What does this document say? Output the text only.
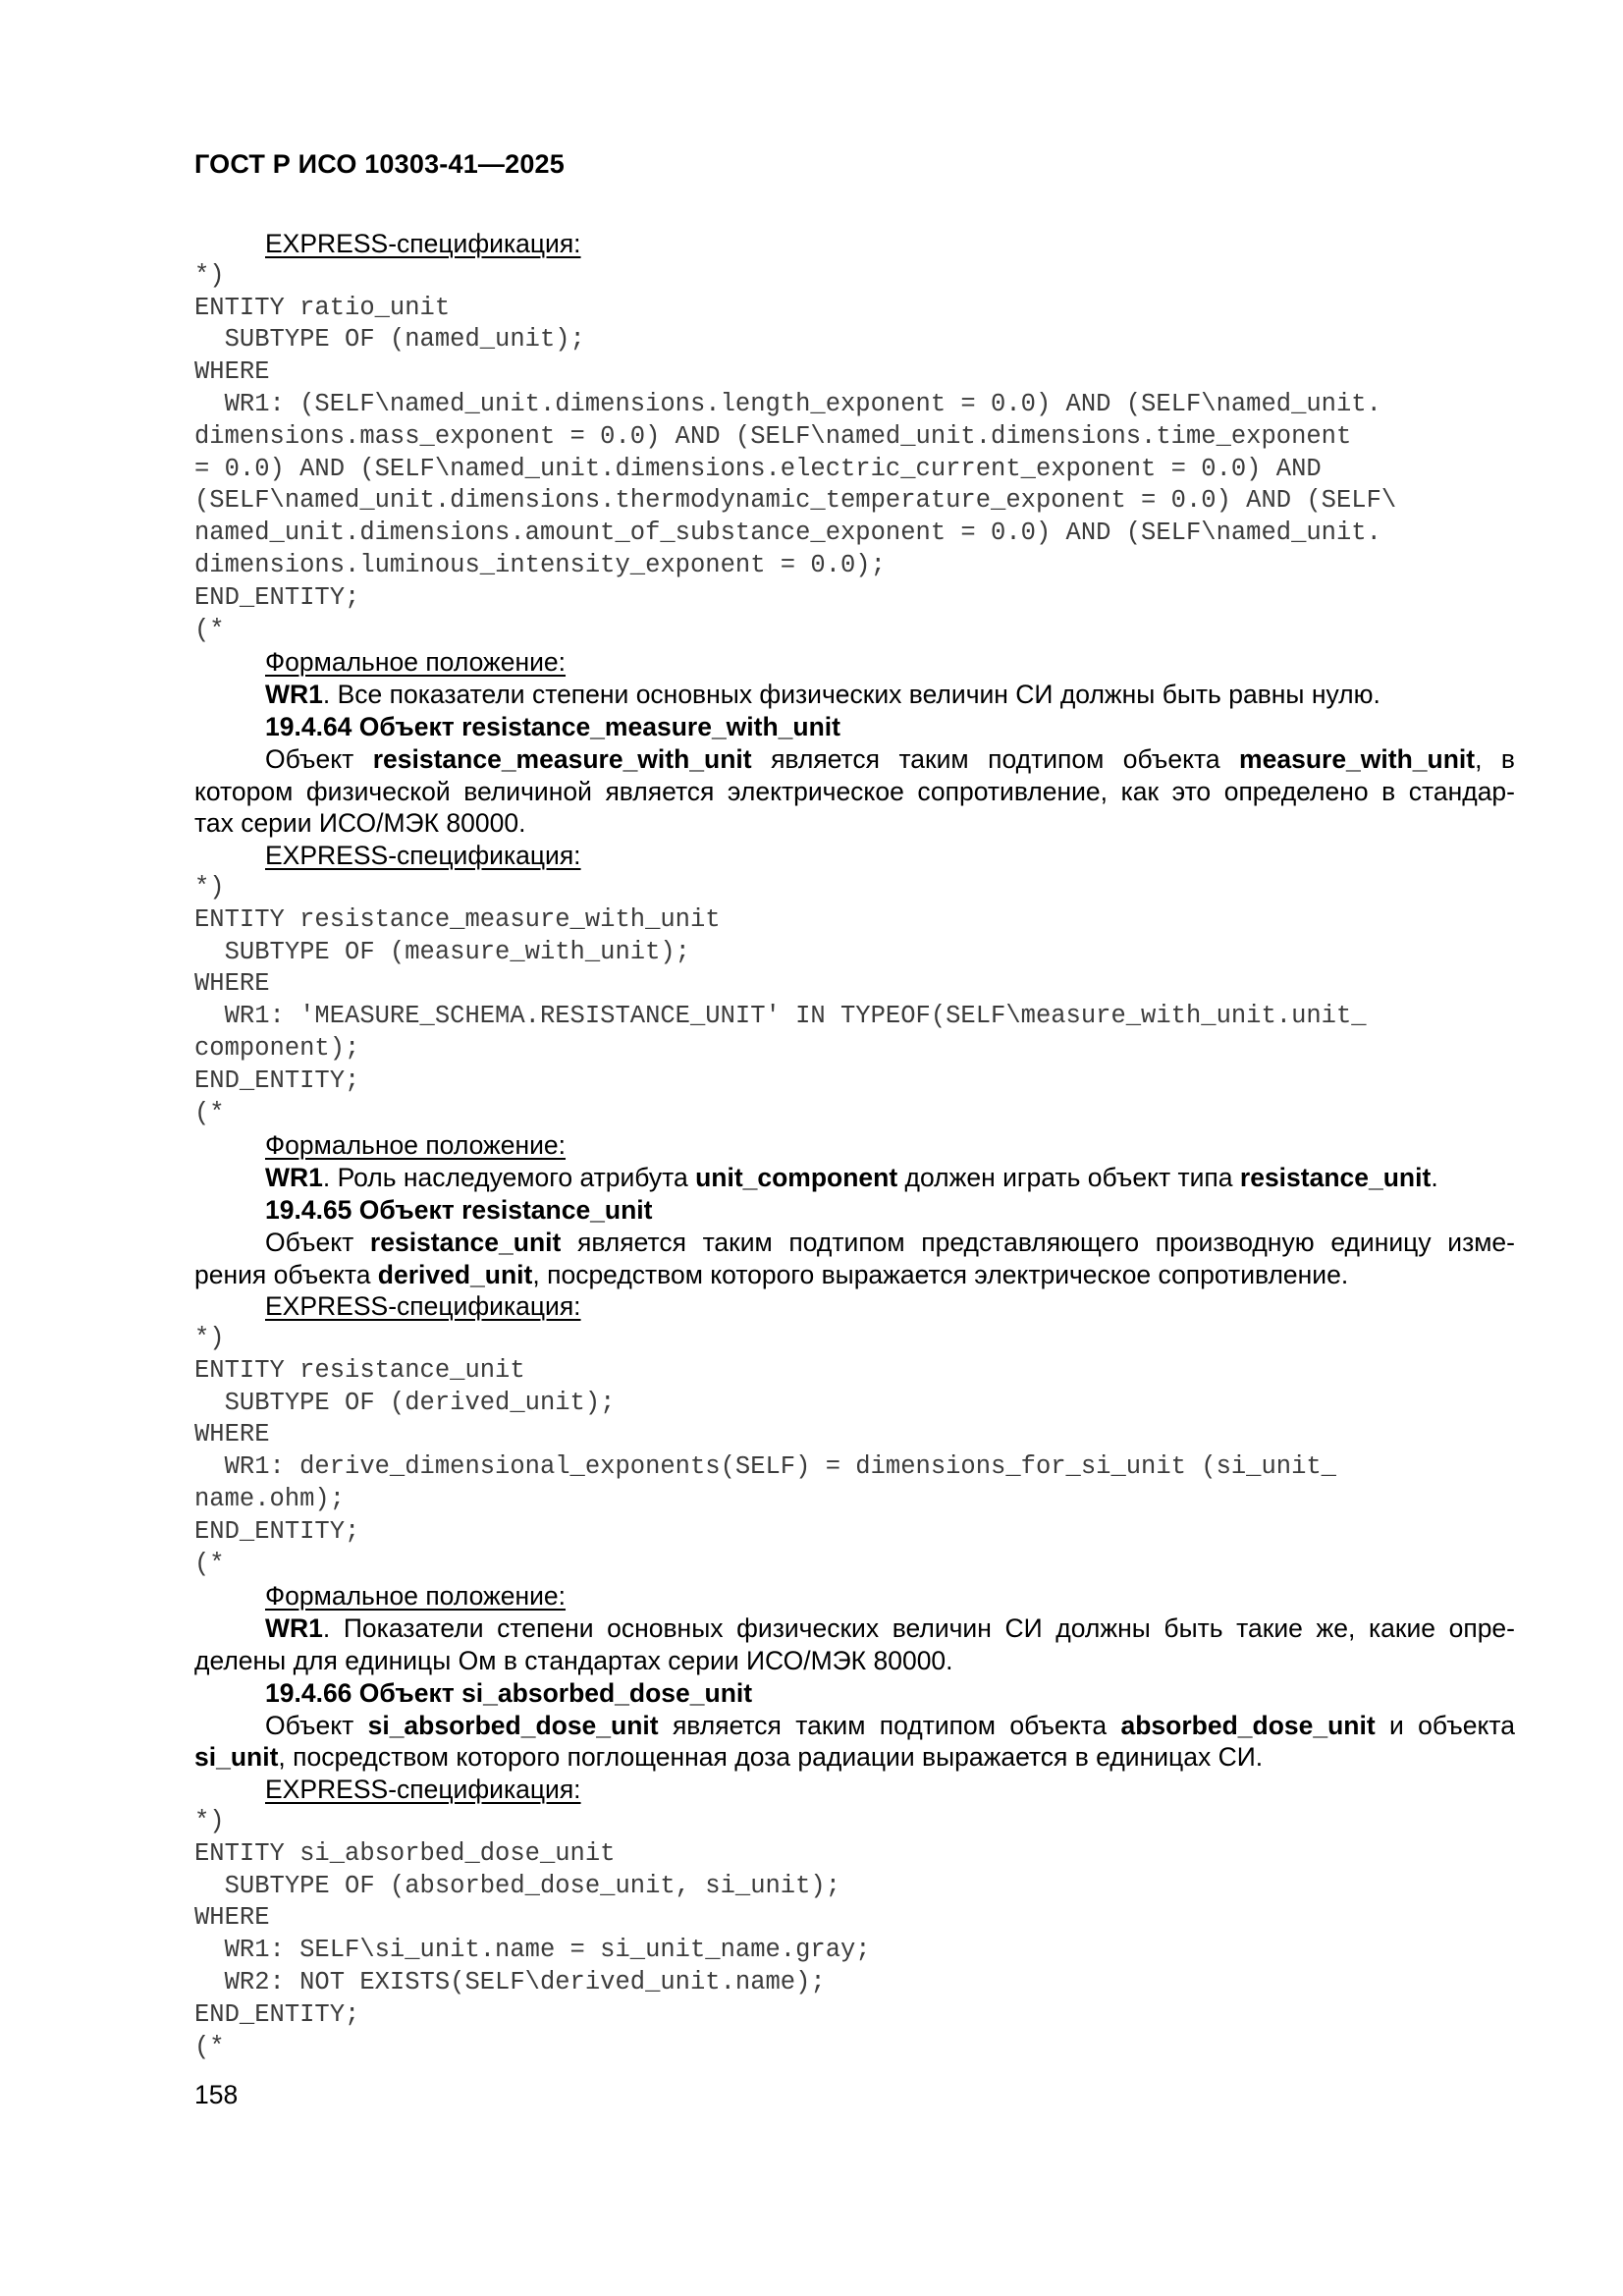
ГОСТ Р ИСО 10303-41—2025
EXPRESS-спецификация:
*)
ENTITY ratio_unit
SUBTYPE OF (named_unit);
WHERE
WR1: (SELF\named_unit.dimensions.length_exponent = 0.0) AND (SELF\named_unit.
dimensions.mass_exponent = 0.0) AND (SELF\named_unit.dimensions.time_exponent
= 0.0) AND (SELF\named_unit.dimensions.electric_current_exponent = 0.0) AND
(SELF\named_unit.dimensions.thermodynamic_temperature_exponent = 0.0) AND (SELF\
named_unit.dimensions.amount_of_substance_exponent = 0.0) AND (SELF\named_unit.
dimensions.luminous_intensity_exponent = 0.0);
END_ENTITY;
(*
Формальное положение:
WR1. Все показатели степени основных физических величин СИ должны быть равны нулю.
19.4.64 Объект resistance_measure_with_unit
Объект resistance_measure_with_unit является таким подтипом объекта measure_with_unit, в
котором физической величиной является электрическое сопротивление, как это определено в стандар-
тах серии ИСО/МЭК 80000.
EXPRESS-спецификация:
*)
ENTITY resistance_measure_with_unit
SUBTYPE OF (measure_with_unit);
WHERE
WR1: 'MEASURE_SCHEMA.RESISTANCE_UNIT' IN TYPEOF(SELF\measure_with_unit.unit_
component);
END_ENTITY;
(*
Формальное положение:
WR1. Роль наследуемого атрибута unit_component должен играть объект типа resistance_unit.
19.4.65 Объект resistance_unit
Объект resistance_unit является таким подтипом представляющего производную единицу изме-
рения объекта derived_unit, посредством которого выражается электрическое сопротивление.
EXPRESS-спецификация:
*)
ENTITY resistance_unit
SUBTYPE OF (derived_unit);
WHERE
WR1: derive_dimensional_exponents(SELF) = dimensions_for_si_unit (si_unit_
name.ohm);
END_ENTITY;
(*
Формальное положение:
WR1. Показатели степени основных физических величин СИ должны быть такие же, какие опре-
делены для единицы Ом в стандартах серии ИСО/МЭК 80000.
19.4.66 Объект si_absorbed_dose_unit
Объект si_absorbed_dose_unit является таким подтипом объекта absorbed_dose_unit и объекта
si_unit, посредством которого поглощенная доза радиации выражается в единицах СИ.
EXPRESS-спецификация:
*)
ENTITY si_absorbed_dose_unit
SUBTYPE OF (absorbed_dose_unit, si_unit);
WHERE
WR1: SELF\si_unit.name = si_unit_name.gray;
WR2: NOT EXISTS(SELF\derived_unit.name);
END_ENTITY;
(*
158
